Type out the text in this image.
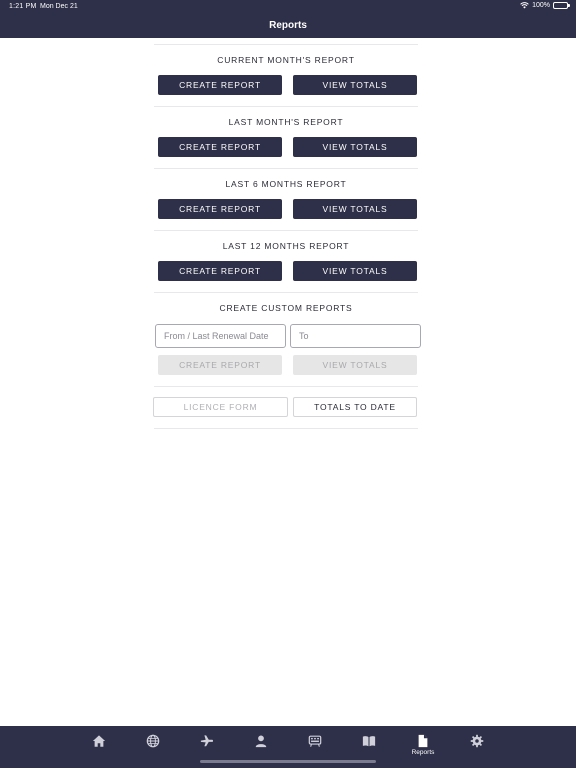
1:21 PM Mon Dec 21	100%
Reports
CURRENT MONTH'S REPORT
CREATE REPORT	VIEW TOTALS
LAST MONTH'S REPORT
CREATE REPORT	VIEW TOTALS
LAST 6 MONTHS REPORT
CREATE REPORT	VIEW TOTALS
LAST 12 MONTHS REPORT
CREATE REPORT	VIEW TOTALS
CREATE CUSTOM REPORTS
From / Last Renewal Date	To
CREATE REPORT	VIEW TOTALS
LICENCE FORM	TOTALS TO DATE
Reports
